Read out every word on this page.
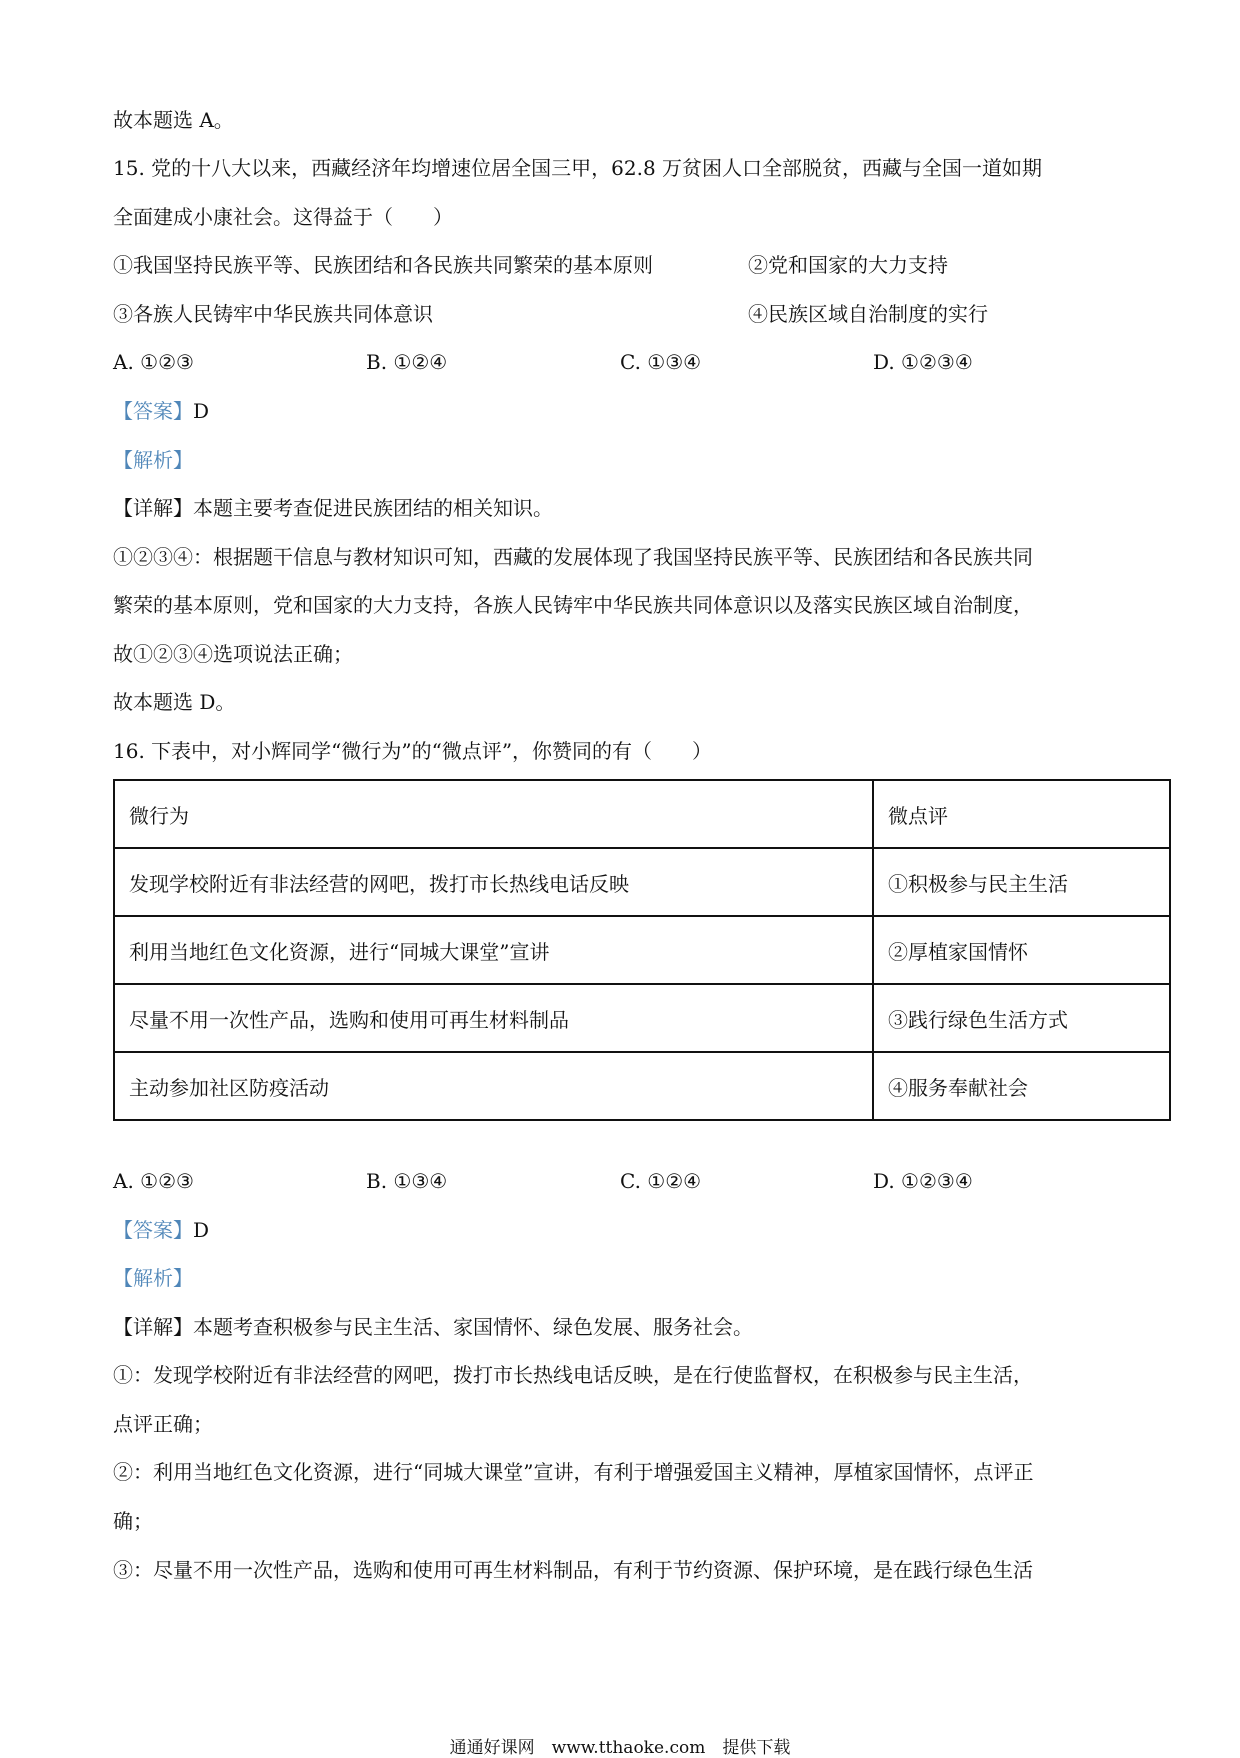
故本题选 A。
15. 党的十八大以来，西藏经济年均增速位居全国三甲，62.8 万贫困人口全部脱贫，西藏与全国一道如期
全面建成小康社会。这得益于（　　）
①我国坚持民族平等、民族团结和各民族共同繁荣的基本原则	②党和国家的大力支持
③各族人民铸牢中华民族共同体意识	④民族区域自治制度的实行
A. ①②③	B. ①②④	C. ①③④	D. ①②③④
【答案】D
【解析】
【详解】本题主要考查促进民族团结的相关知识。
①②③④：根据题干信息与教材知识可知，西藏的发展体现了我国坚持民族平等、民族团结和各民族共同
繁荣的基本原则，党和国家的大力支持，各族人民铸牢中华民族共同体意识以及落实民族区域自治制度，
故①②③④选项说法正确；
故本题选 D。
16. 下表中，对小辉同学“微行为”的“微点评”，你赞同的有（　　）
微行为	微点评
发现学校附近有非法经营的网吧，拨打市长热线电话反映	①积极参与民主生活
利用当地红色文化资源，进行“同城大课堂”宣讲	②厚植家国情怀
尽量不用一次性产品，选购和使用可再生材料制品	③践行绿色生活方式
主动参加社区防疫活动	④服务奉献社会
A. ①②③	B. ①③④	C. ①②④	D. ①②③④
【答案】D
【解析】
【详解】本题考查积极参与民主生活、家国情怀、绿色发展、服务社会。
①：发现学校附近有非法经营的网吧，拨打市长热线电话反映，是在行使监督权，在积极参与民主生活，
点评正确；
②：利用当地红色文化资源，进行“同城大课堂”宣讲，有利于增强爱国主义精神，厚植家国情怀，点评正
确；
③：尽量不用一次性产品，选购和使用可再生材料制品，有利于节约资源、保护环境，是在践行绿色生活
通通好课网　www.tthaoke.com　提供下载
